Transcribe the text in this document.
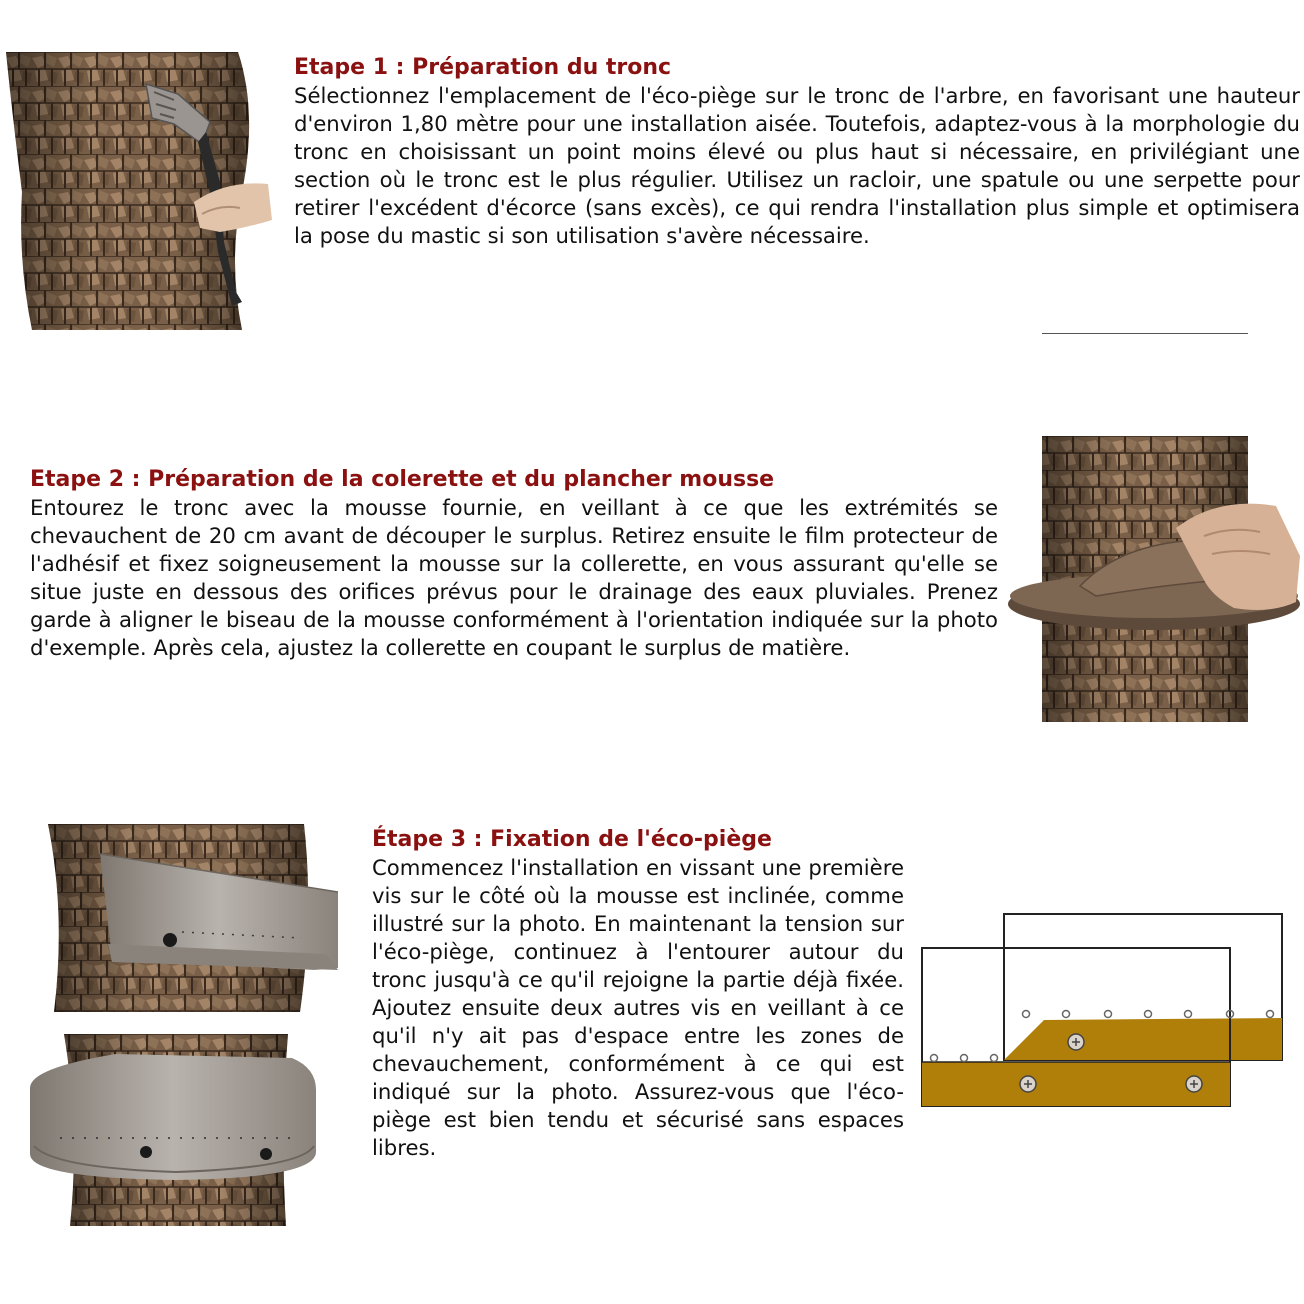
Etape 1 : Préparation du tronc

Sélectionnez l'emplacement de l'éco-piège sur le tronc de l'arbre, en favorisant une hauteur d'environ 1,80 mètre pour une installation aisée. Toutefois, adaptez-vous à la morphologie du tronc en choisissant un point moins élevé ou plus haut si nécessaire, en privilégiant une section où le tronc est le plus régulier. Utilisez un racloir, une spatule ou une serpette pour retirer l'excédent d'écorce (sans excès), ce qui rendra l'installation plus simple et optimisera la pose du mastic si son utilisation s'avère nécessaire.

Etape 2 : Préparation de la colerette et du plancher mousse

Entourez le tronc avec la mousse fournie, en veillant à ce que les extrémités se chevauchent de 20 cm avant de découper le surplus. Retirez ensuite le film protecteur de l'adhésif et fixez soigneusement la mousse sur la collerette, en vous assurant qu'elle se situe juste en dessous des orifices prévus pour le drainage des eaux pluviales. Prenez garde à aligner le biseau de la mousse conformément à l'orientation indiquée sur la photo d'exemple. Après cela, ajustez la collerette en coupant le surplus de matière.

Étape 3 : Fixation de l'éco-piège

Commencez l'installation en vissant une première vis sur le côté où la mousse est inclinée, comme illustré sur la photo. En maintenant la tension sur l'éco-piège, continuez à l'entourer autour du tronc jusqu'à ce qu'il rejoigne la partie déjà fixée. Ajoutez ensuite deux autres vis en veillant à ce qu'il n'y ait pas d'espace entre les zones de chevauchement, conformément à ce qui est indiqué sur la photo. Assurez-vous que l'éco-piège est bien tendu et sécurisé sans espaces libres.
